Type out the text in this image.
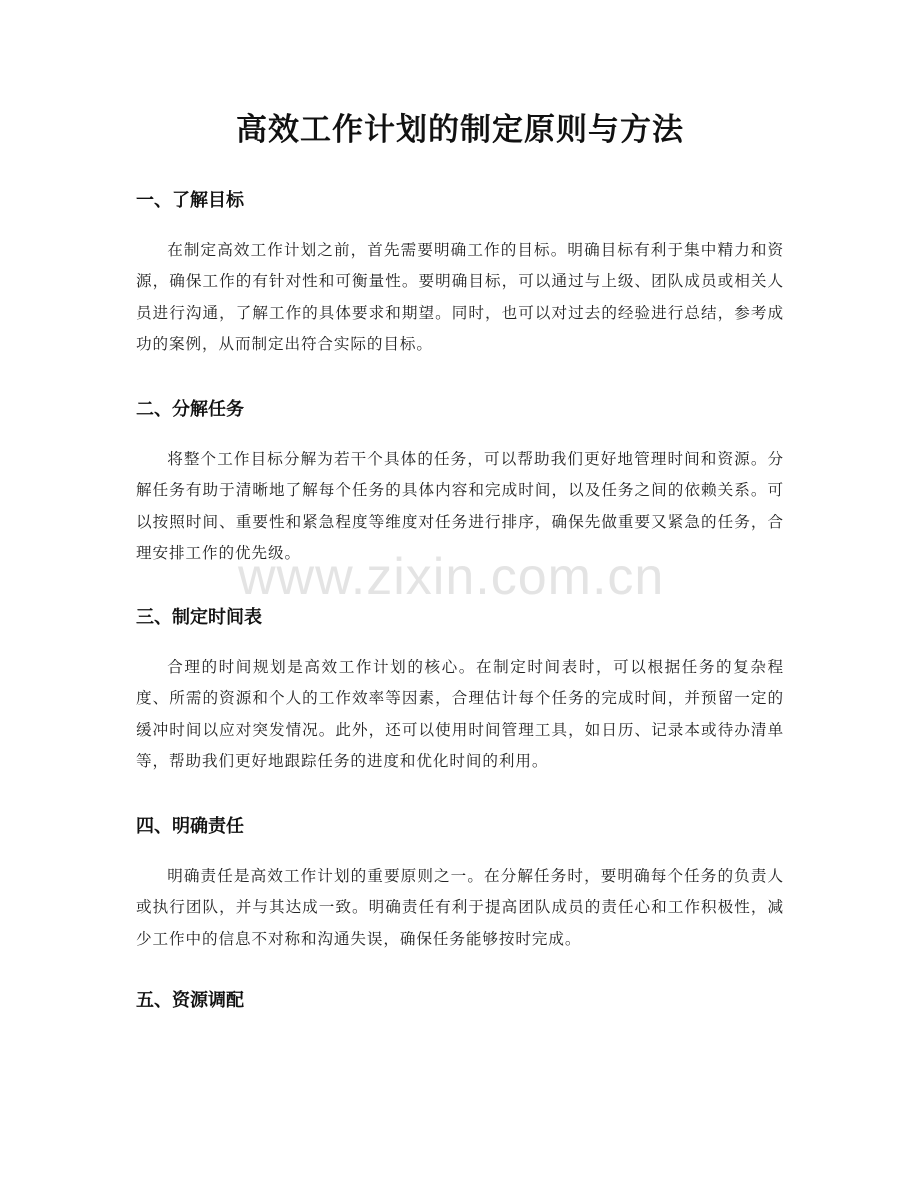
高效工作计划的制定原则与方法
一、了解目标

在制定高效工作计划之前，首先需要明确工作的目标。明确目标有利于集中精力和资源，确保工作的有针对性和可衡量性。要明确目标，可以通过与上级、团队成员或相关人员进行沟通，了解工作的具体要求和期望。同时，也可以对过去的经验进行总结，参考成功的案例，从而制定出符合实际的目标。

二、分解任务

将整个工作目标分解为若干个具体的任务，可以帮助我们更好地管理时间和资源。分解任务有助于清晰地了解每个任务的具体内容和完成时间，以及任务之间的依赖关系。可以按照时间、重要性和紧急程度等维度对任务进行排序，确保先做重要又紧急的任务，合理安排工作的优先级。

三、制定时间表

合理的时间规划是高效工作计划的核心。在制定时间表时，可以根据任务的复杂程度、所需的资源和个人的工作效率等因素，合理估计每个任务的完成时间，并预留一定的缓冲时间以应对突发情况。此外，还可以使用时间管理工具，如日历、记录本或待办清单等，帮助我们更好地跟踪任务的进度和优化时间的利用。

四、明确责任

明确责任是高效工作计划的重要原则之一。在分解任务时，要明确每个任务的负责人或执行团队，并与其达成一致。明确责任有利于提高团队成员的责任心和工作积极性，减少工作中的信息不对称和沟通失误，确保任务能够按时完成。

五、资源调配
www.zixin.com.cn
